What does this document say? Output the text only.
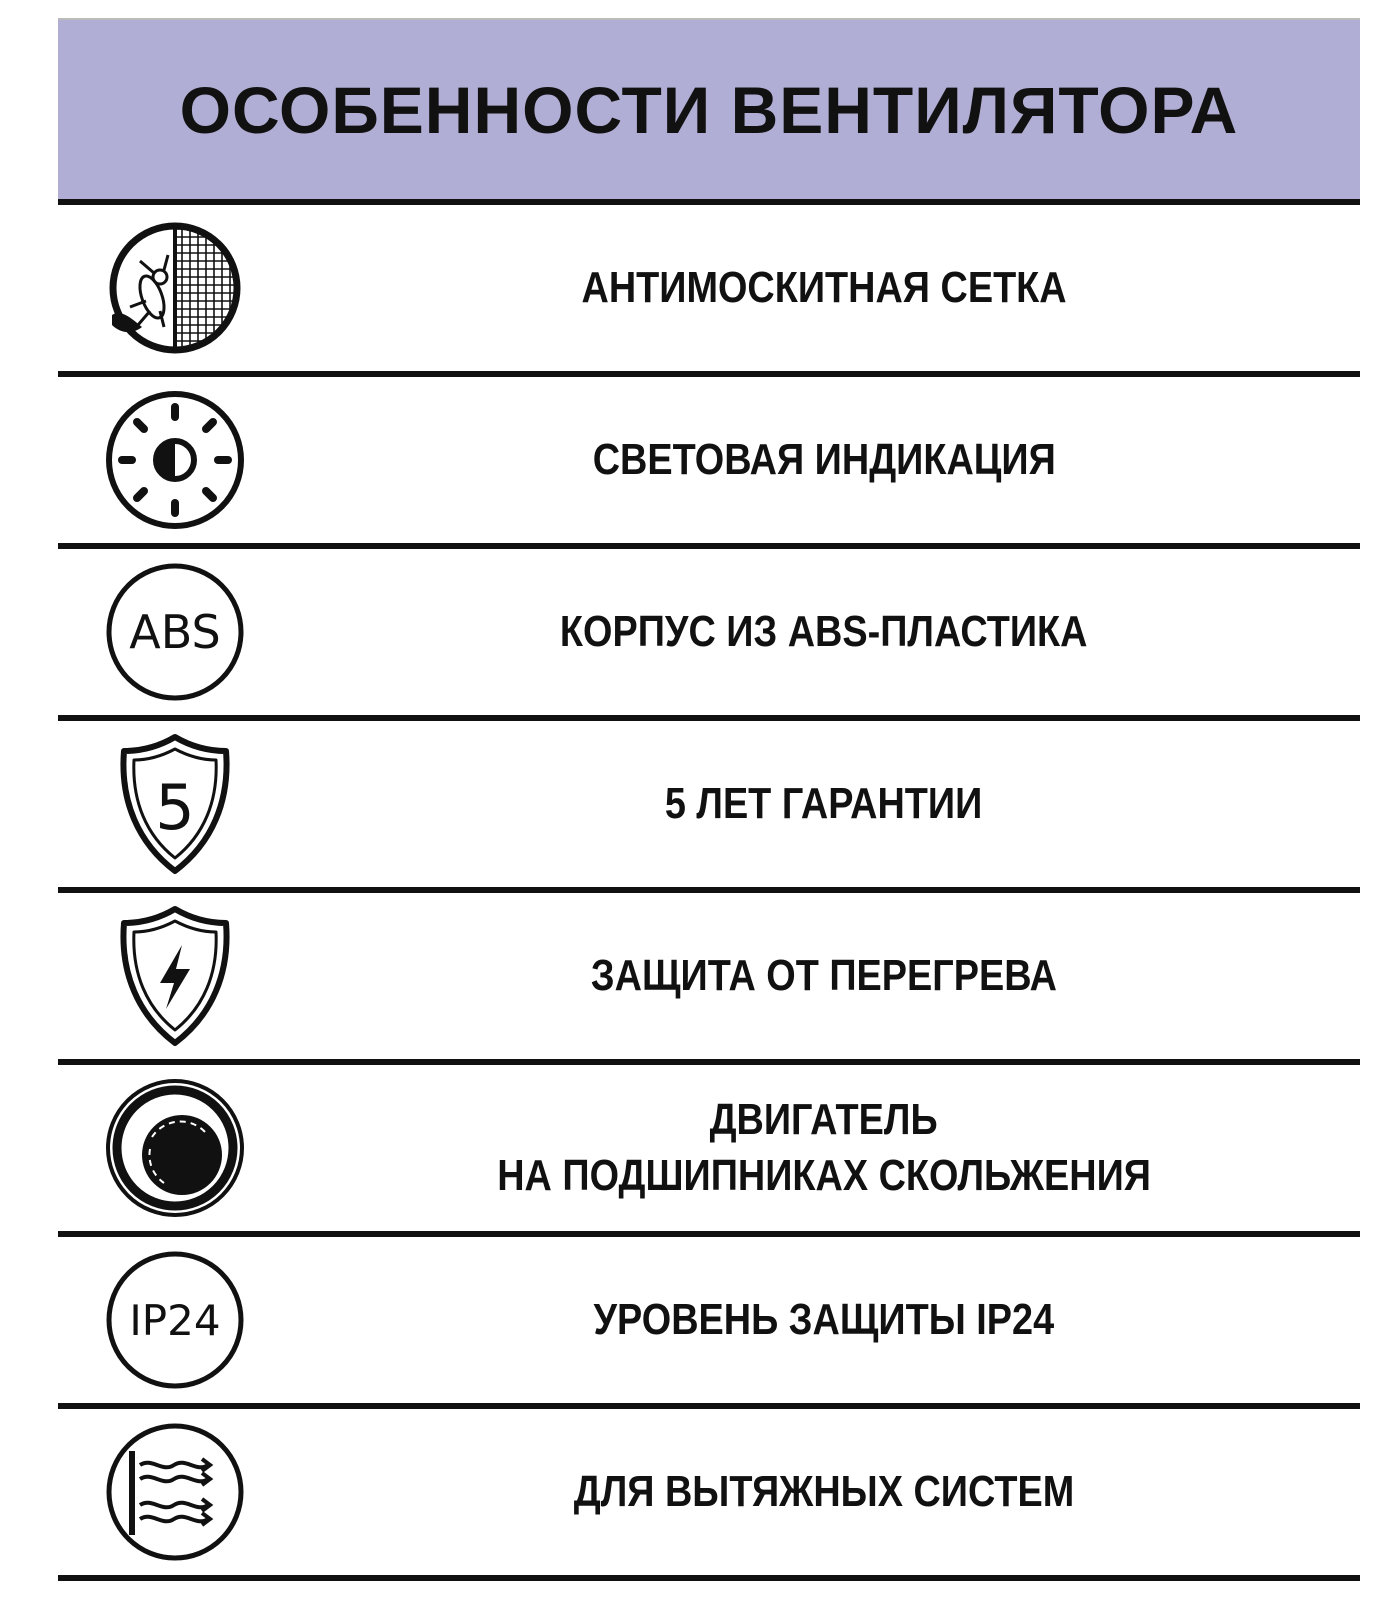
ОСОБЕННОСТИ ВЕНТИЛЯТОРА
АНТИМОСКИТНАЯ СЕТКА
СВЕТОВАЯ ИНДИКАЦИЯ
ABS	КОРПУС ИЗ ABS-ПЛАСТИКА
5	5 ЛЕТ ГАРАНТИИ
ЗАЩИТА ОТ ПЕРЕГРЕВА
ДВИГАТЕЛЬ
НА ПОДШИПНИКАХ СКОЛЬЖЕНИЯ
IP24	УРОВЕНЬ ЗАЩИТЫ IP24
ДЛЯ ВЫТЯЖНЫХ СИСТЕМ
